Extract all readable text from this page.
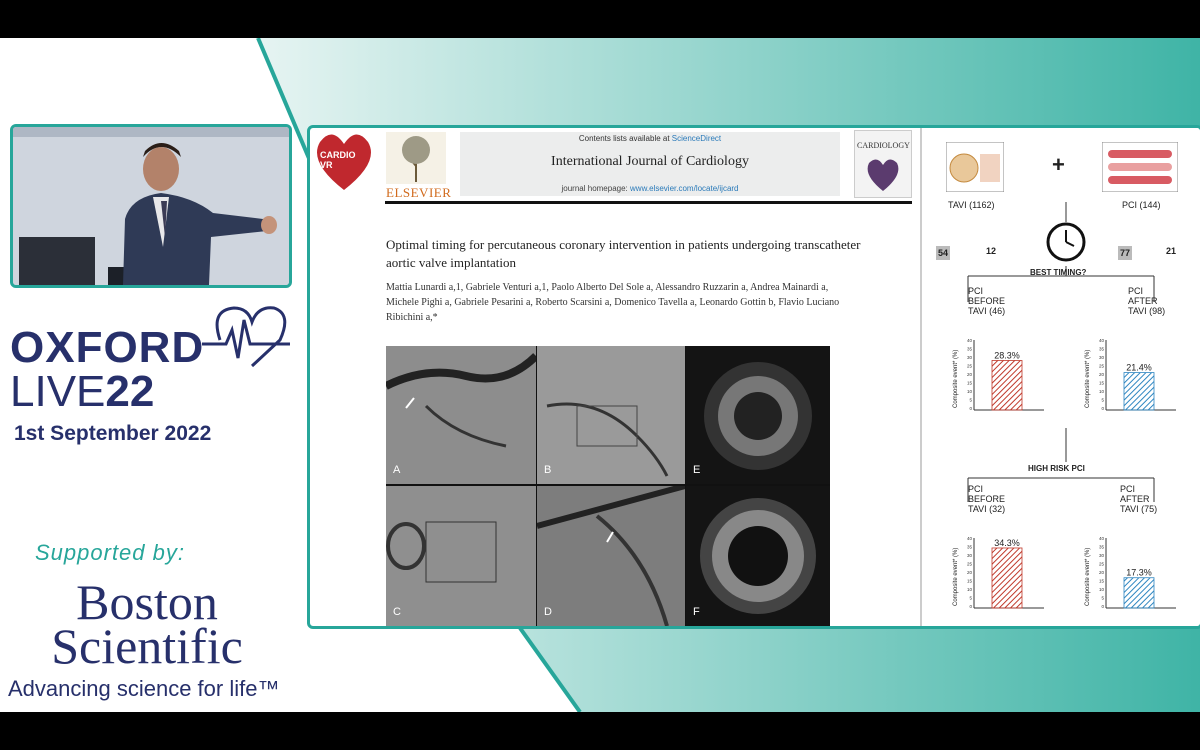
OXFORD
LIVE22
1st September 2022
Supported by:
Boston
Scientific
Advancing science for life™
CARDIO VR
ELSEVIER
Contents lists available at ScienceDirect
International Journal of Cardiology
journal homepage: www.elsevier.com/locate/ijcard
CARDIOLOGY
Optimal timing for percutaneous coronary intervention in patients undergoing transcatheter aortic valve implantation
Mattia Lunardi a,1, Gabriele Venturi a,1, Paolo Alberto Del Sole a, Alessandro Ruzzarin a, Andrea Mainardi a, Michele Pighi a, Gabriele Pesarini a, Roberto Scarsini a, Domenico Tavella a, Leonardo Gottin b, Flavio Luciano Ribichini a,*
A	B	E
C	D	F
TAVI (1162)
+
PCI (144)
54	12	77	21
BEST TIMING?
PCI
BEFORE
TAVI (46)
PCI
AFTER
TAVI (98)
HIGH RISK PCI
PCI
BEFORE
TAVI (32)
PCI
AFTER
TAVI (75)
40
35
30
25
20
15
10
5
0
Composite event* (%)	28.3%
40
35
30
25
20
15
10
5
0
Composite event* (%)	21.4%
40
35
30
25
20
15
10
5
0
Composite event* (%)
34.3%	40
35
30
25
20
15
10
5
0
Composite event* (%)	17.3%
